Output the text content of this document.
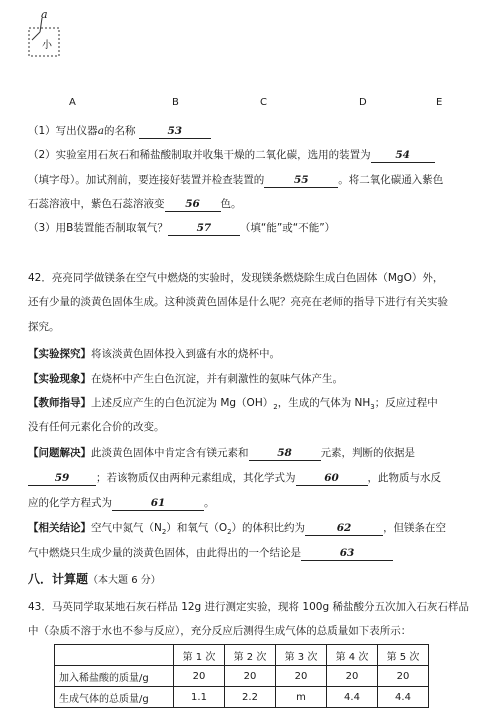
a
小
A	B	C	D	E
（1）写出仪器a的名称	53
（2）实验室用石灰石和稀盐酸制取并收集干燥的二氧化碳，选用的装置为 54
（填字母）。加试剂前，要连接好装置并检查装置的	55	。将二氧化碳通入紫色
石蕊溶液中，紫色石蕊溶液变 56 色。
（3）用B装置能否制取氧气？	57	（填“能”或“不能”）
42．亮亮同学做镁条在空气中燃烧的实验时，发现镁条燃烧除生成白色固体（MgO）外，
还有少量的淡黄色固体生成。这种淡黄色固体是什么呢？亮亮在老师的指导下进行有关实验
探究。
【实验探究】将该淡黄色固体投入到盛有水的烧杯中。
【实验现象】在烧杯中产生白色沉淀，并有刺激性的氨味气体产生。
【教师指导】上述反应产生的白色沉淀为 $Mg(OH)_2$，生成的气体为 $NH_3$；反应过程中
没有任何元素化合价的改变。
【问题解决】此淡黄色固体中肯定含有镁元素和	58	元素，判断的依据是
59	；若该物质仅由两种元素组成，其化学式为	60	，此物质与水反
应的化学方程式为	61	。
【相关结论】空气中氮气$(N_2)$和氧气$(O_2)$的体积比约为	62	，但镁条在空
气中燃烧只生成少量的淡黄色固体，由此得出的一个结论是	63
八．计算题（本大题 6 分）
43．马英同学取某地石灰石样品 12g 进行测定实验，现将 100g 稀盐酸分五次加入石灰石样品
中（杂质不溶于水也不参与反应），充分反应后测得生成气体的总质量如下表所示：
	第 1 次	第 2 次	第 3 次	第 4 次	第 5 次
加入稀盐酸的质量/g	20	20	20	20	20
生成气体的总质量/g	1.1	2.2	m	4.4	4.4
